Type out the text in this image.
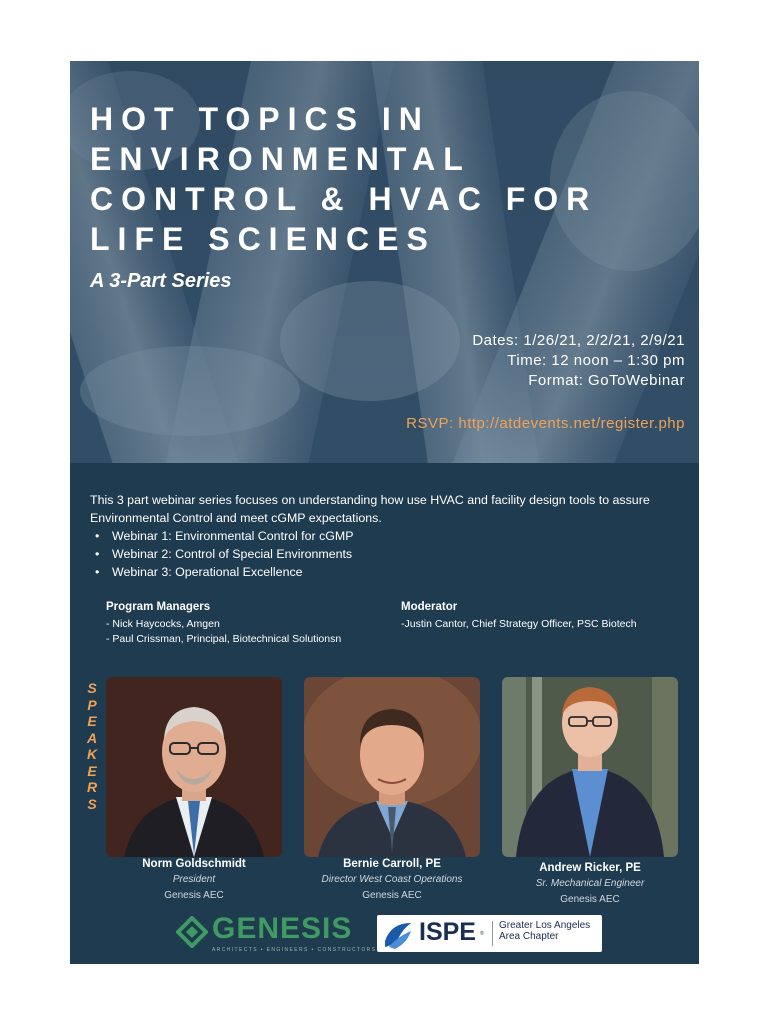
HOT TOPICS IN
ENVIRONMENTAL
CONTROL & HVAC FOR
LIFE SCIENCES
A 3-Part Series
Dates: 1/26/21, 2/2/21, 2/9/21
Time: 12 noon – 1:30 pm
Format: GoToWebinar
RSVP: http://atdevents.net/register.php
This 3 part webinar series focuses on understanding how use HVAC and facility design tools to assure Environmental Control and meet cGMP expectations.
• Webinar 1: Environmental Control for cGMP
• Webinar 2: Control of Special Environments
• Webinar 3: Operational Excellence
Program Managers
- Nick Haycocks, Amgen
- Paul Crissman, Principal, Biotechnical Solutionsn
Moderator
-Justin Cantor, Chief Strategy Officer, PSC Biotech
S
P
E
A
K
E
R
S
Norm Goldschmidt
President
Genesis AEC
Bernie Carroll, PE
Director West Coast Operations
Genesis AEC
Andrew Ricker, PE
Sr. Mechanical Engineer
Genesis AEC
GENESIS
ARCHITECTS • ENGINEERS • CONSTRUCTORS
ISPE ®
Greater Los Angeles
Area Chapter
